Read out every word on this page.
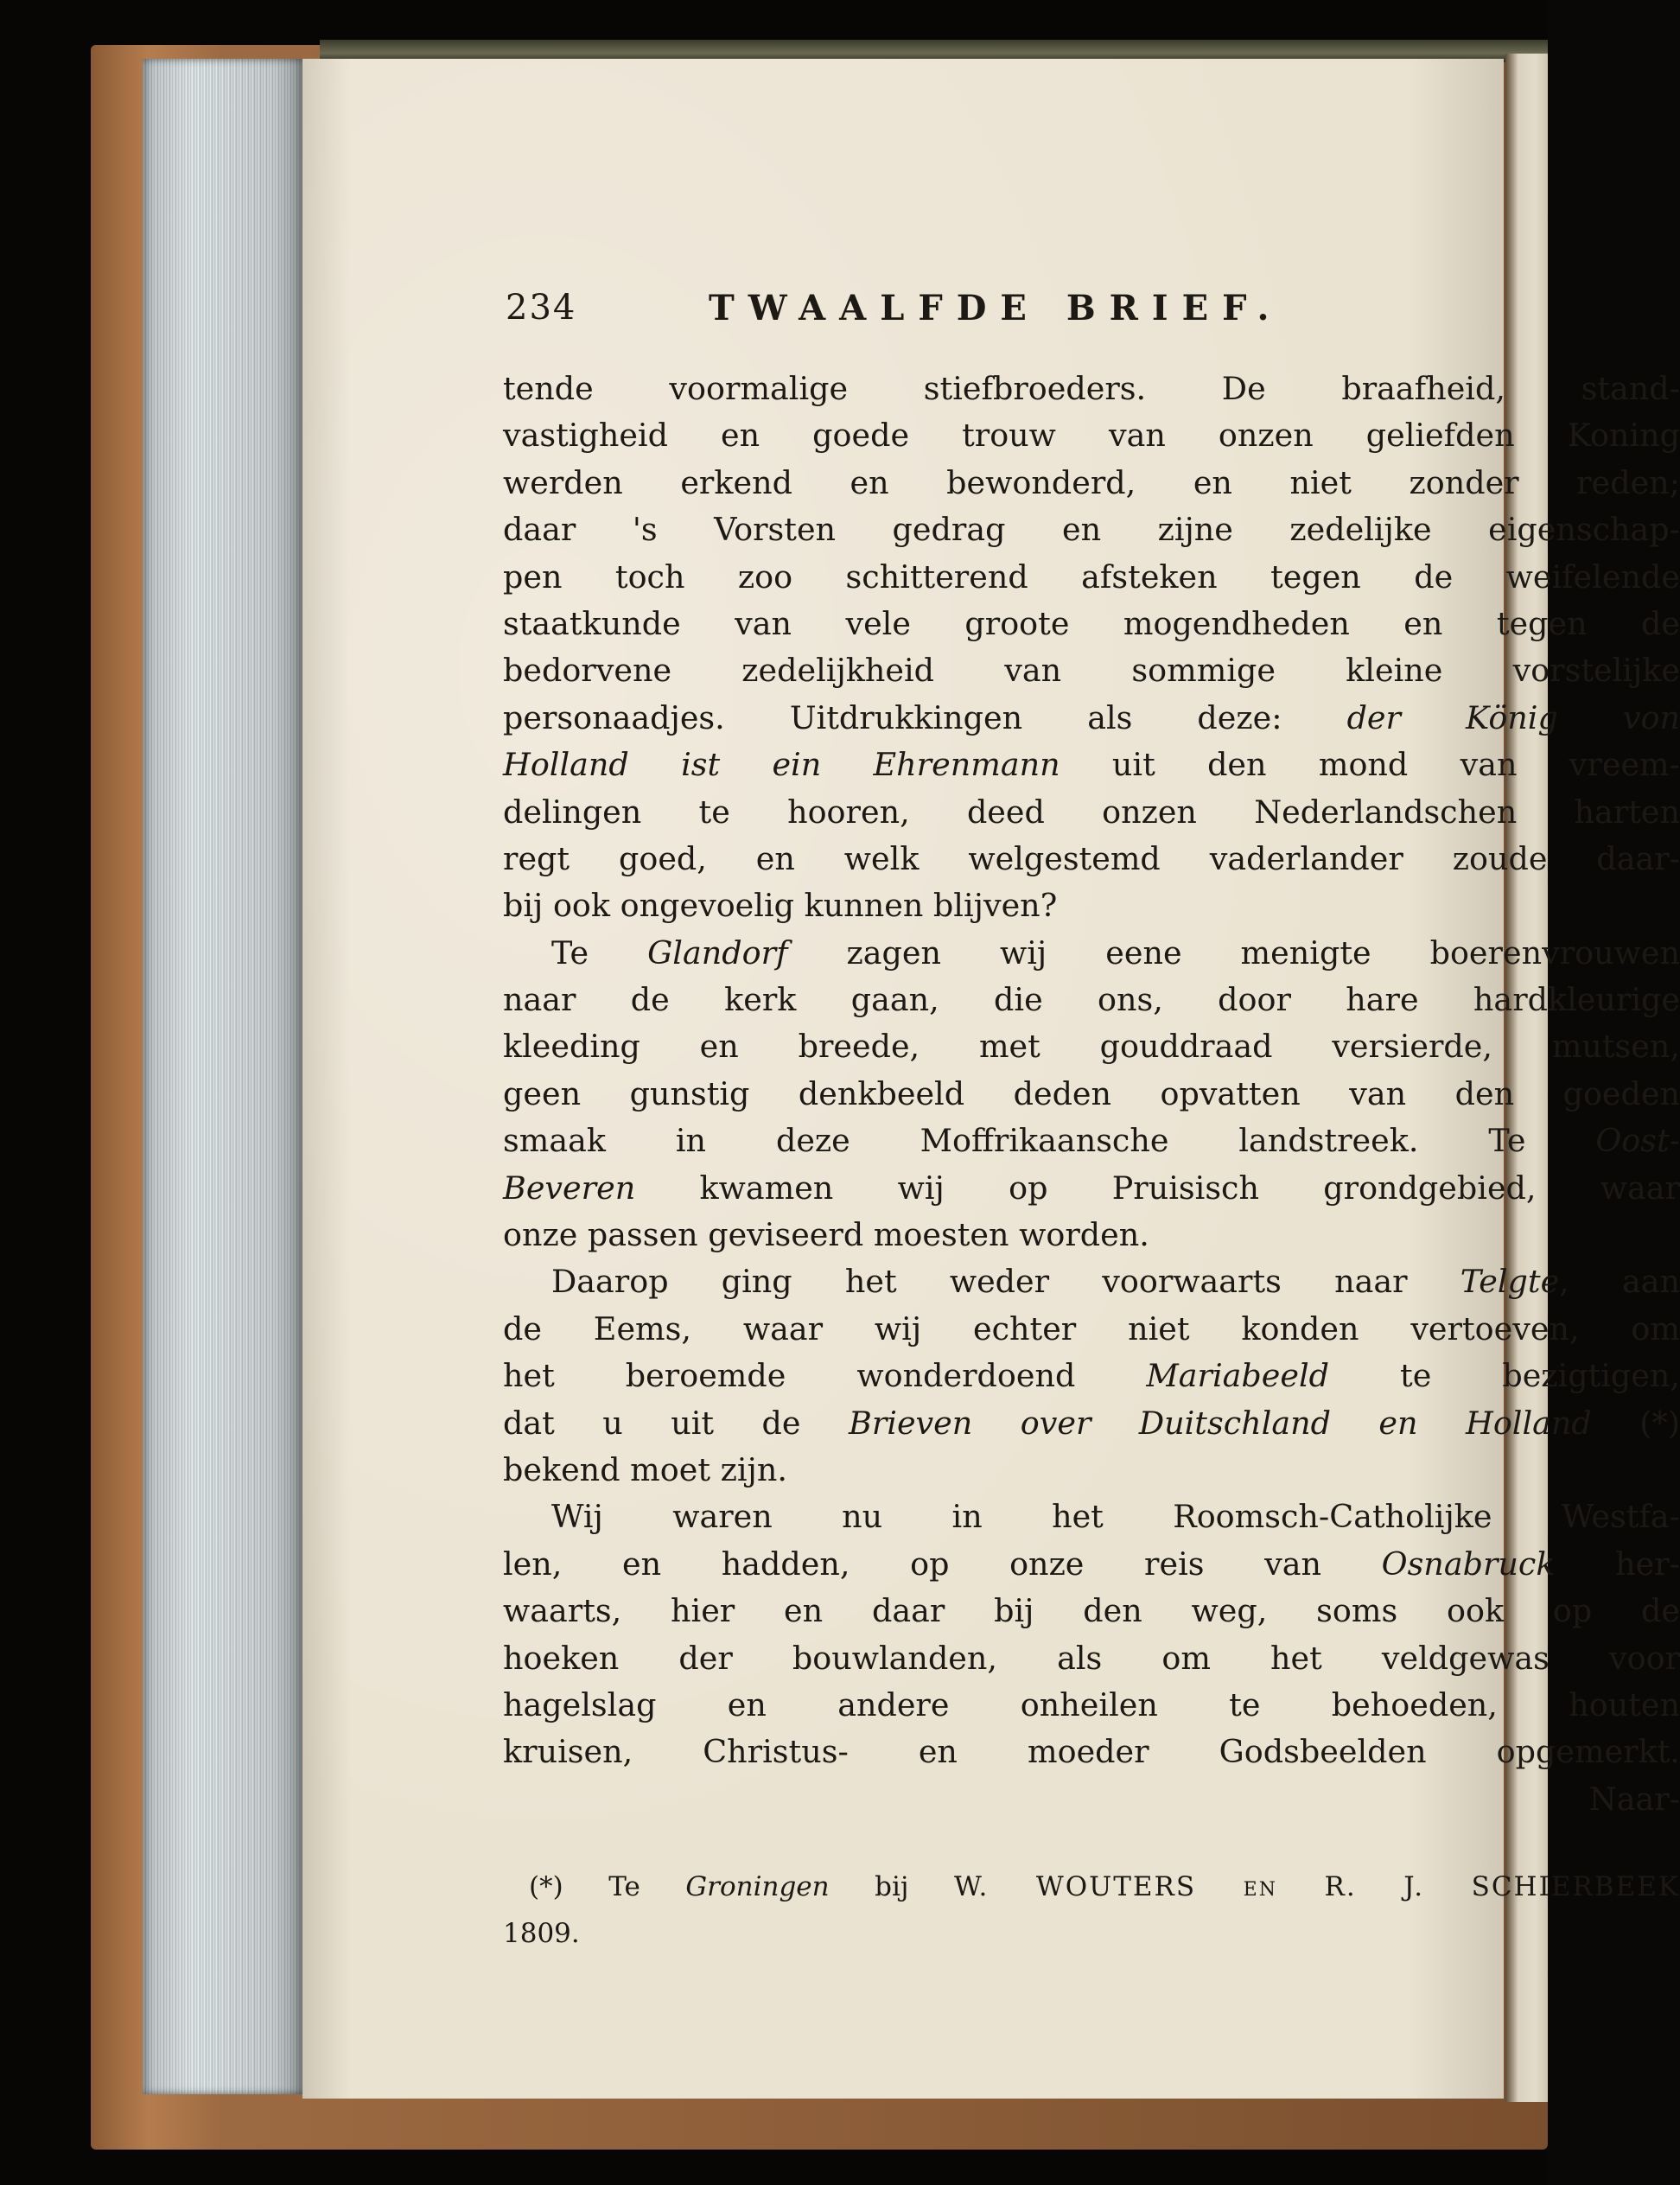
234	TWAALFDE BRIEF.
tende voormalige stiefbroeders. De braafheid, stand-
vastigheid en goede trouw van onzen geliefden Koning
werden erkend en bewonderd, en niet zonder reden;
daar 's Vorsten gedrag en zijne zedelijke eigenschap-
pen toch zoo schitterend afsteken tegen de weifelende
staatkunde van vele groote mogendheden en tegen de
bedorvene zedelijkheid van sommige kleine vorstelijke
personaadjes. Uitdrukkingen als deze: der König von
Holland ist ein Ehrenmann uit den mond van vreem-
delingen te hooren, deed onzen Nederlandschen harten
regt goed, en welk welgestemd vaderlander zoude daar-
bij ook ongevoelig kunnen blijven?
Te Glandorf zagen wij eene menigte boerenvrouwen
naar de kerk gaan, die ons, door hare hardkleurige
kleeding en breede, met gouddraad versierde, mutsen,
geen gunstig denkbeeld deden opvatten van den goeden
smaak in deze Moffrikaansche landstreek. Te Oost-
Beveren kwamen wij op Pruisisch grondgebied, waar
onze passen geviseerd moesten worden.
Daarop ging het weder voorwaarts naar Telgte, aan
de Eems, waar wij echter niet konden vertoeven, om
het beroemde wonderdoend Mariabeeld te bezigtigen,
dat u uit de Brieven over Duitschland en Holland (*)
bekend moet zijn.
Wij waren nu in het Roomsch-Catholijke Westfa-
len, en hadden, op onze reis van Osnabruck her-
waarts, hier en daar bij den weg, soms ook op de
hoeken der bouwlanden, als om het veldgewas voor
hagelslag en andere onheilen te behoeden, houten
kruisen, Christus- en moeder Godsbeelden opgemerkt.
Naar-
(*) Te Groningen bij W. WOUTERS en R. J. SCHIERBEEK
1809.
